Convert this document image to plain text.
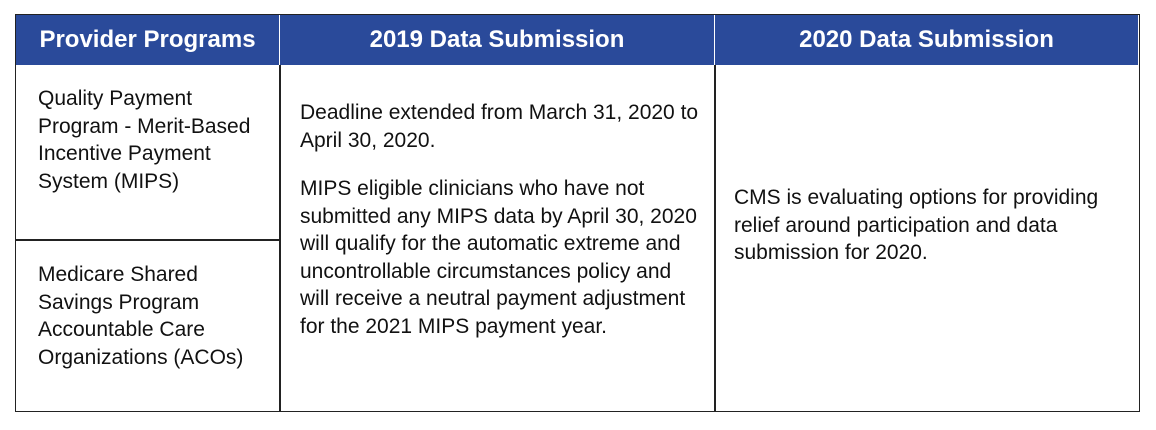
Provider Programs	2019 Data Submission	2020 Data Submission
Quality Payment Program - Merit-Based Incentive Payment System (MIPS)
Medicare Shared Savings Program Accountable Care Organizations (ACOs)

Deadline extended from March 31, 2020 to April 30, 2020.

MIPS eligible clinicians who have not submitted any MIPS data by April 30, 2020 will qualify for the automatic extreme and uncontrollable circumstances policy and will receive a neutral payment adjustment for the 2021 MIPS payment year.

CMS is evaluating options for providing relief around participation and data submission for 2020.
